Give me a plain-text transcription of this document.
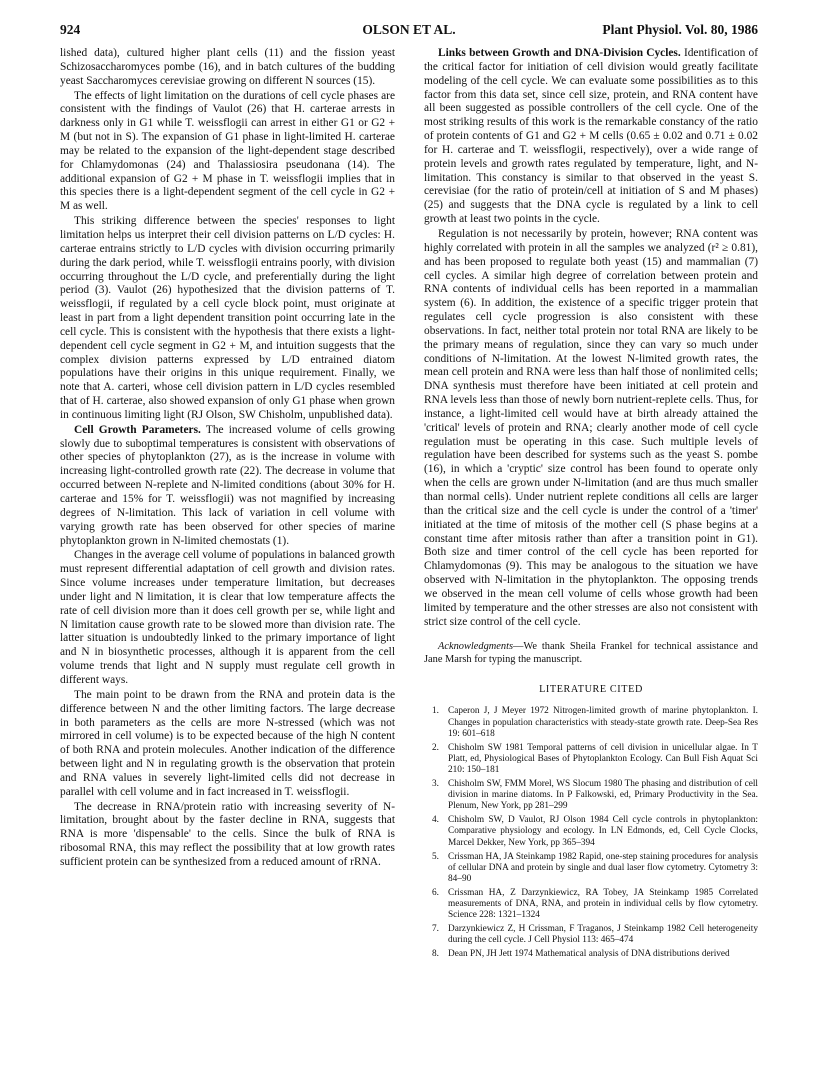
924	OLSON ET AL.	Plant Physiol. Vol. 80, 1986

lished data), cultured higher plant cells (11) and the fission yeast Schizosaccharomyces pombe (16), and in batch cultures of the budding yeast Saccharomyces cerevisiae growing on different N sources (15).

The effects of light limitation on the durations of cell cycle phases are consistent with the findings of Vaulot (26) that H. carterae arrests in darkness only in G1 while T. weissflogii can arrest in either G1 or G2 + M (but not in S). The expansion of G1 phase in light-limited H. carterae may be related to the expansion of the light-dependent stage described for Chlamydomonas (24) and Thalassiosira pseudonana (14). The additional expansion of G2 + M phase in T. weissflogii implies that in this species there is a light-dependent segment of the cell cycle in G2 + M as well.

This striking difference between the species' responses to light limitation helps us interpret their cell division patterns on L/D cycles: H. carterae entrains strictly to L/D cycles with division occurring primarily during the dark period, while T. weissflogii entrains poorly, with division occurring throughout the L/D cycle, and preferentially during the light period (3). Vaulot (26) hypothesized that the division patterns of T. weissflogii, if regulated by a cell cycle block point, must originate at least in part from a light dependent transition point occurring late in the cell cycle. This is consistent with the hypothesis that there exists a light-dependent cell cycle segment in G2 + M, and intuition suggests that the complex division patterns expressed by L/D entrained diatom populations have their origins in this unique requirement. Finally, we note that A. carteri, whose cell division pattern in L/D cycles resembled that of H. carterae, also showed expansion of only G1 phase when grown in continuous limiting light (RJ Olson, SW Chisholm, unpublished data).

Cell Growth Parameters. The increased volume of cells growing slowly due to suboptimal temperatures is consistent with observations of other species of phytoplankton (27), as is the increase in volume with increasing light-controlled growth rate (22). The decrease in volume that occurred between N-replete and N-limited conditions (about 30% for H. carterae and 15% for T. weissflogii) was not magnified by increasing degrees of N-limitation. This lack of variation in cell volume with varying growth rate has been observed for other species of marine phytoplankton grown in N-limited chemostats (1).

Changes in the average cell volume of populations in balanced growth must represent differential adaptation of cell growth and division rates. Since volume increases under temperature limitation, but decreases under light and N limitation, it is clear that low temperature affects the rate of cell division more than it does cell growth per se, while light and N limitation cause growth rate to be slowed more than division rate. The latter situation is undoubtedly linked to the primary importance of light and N in biosynthetic processes, although it is apparent from the cell volume trends that light and N supply must regulate cell growth in different ways.

The main point to be drawn from the RNA and protein data is the difference between N and the other limiting factors. The large decrease in both parameters as the cells are more N-stressed (which was not mirrored in cell volume) is to be expected because of the high N content of both RNA and protein molecules. Another indication of the difference between light and N in regulating growth is the observation that protein and RNA values in severely light-limited cells did not decrease in parallel with cell volume and in fact increased in T. weissflogii.

The decrease in RNA/protein ratio with increasing severity of N-limitation, brought about by the faster decline in RNA, suggests that RNA is more 'dispensable' to the cells. Since the bulk of RNA is ribosomal RNA, this may reflect the possibility that at low growth rates sufficient protein can be synthesized from a reduced amount of rRNA.

Links between Growth and DNA-Division Cycles. Identification of the critical factor for initiation of cell division would greatly facilitate modeling of the cell cycle. We can evaluate some possibilities as to this factor from this data set, since cell size, protein, and RNA content have all been suggested as possible controllers of the cell cycle. One of the most striking results of this work is the remarkable constancy of the ratio of protein contents of G1 and G2 + M cells (0.65 ± 0.02 and 0.71 ± 0.02 for H. carterae and T. weissflogii, respectively), over a wide range of protein levels and growth rates regulated by temperature, light, and N-limitation. This constancy is similar to that observed in the yeast S. cerevisiae (for the ratio of protein/cell at initiation of S and M phases) (25) and suggests that the DNA cycle is regulated by a link to cell growth at least two points in the cycle.

Regulation is not necessarily by protein, however; RNA content was highly correlated with protein in all the samples we analyzed (r² ≥ 0.81), and has been proposed to regulate both yeast (15) and mammalian (7) cell cycles. A similar high degree of correlation between protein and RNA contents of individual cells has been reported in a mammalian system (6). In addition, the existence of a specific trigger protein that regulates cell cycle progression is also consistent with these observations. In fact, neither total protein nor total RNA are likely to be the primary means of regulation, since they can vary so much under conditions of N-limitation. At the lowest N-limited growth rates, the mean cell protein and RNA were less than half those of nonlimited cells; DNA synthesis must therefore have been initiated at cell protein and RNA levels less than those of newly born nutrient-replete cells. Thus, for instance, a light-limited cell would have at birth already attained the 'critical' levels of protein and RNA; clearly another mode of cell cycle regulation must be operating in this case. Such multiple levels of regulation have been described for systems such as the yeast S. pombe (16), in which a 'cryptic' size control has been found to operate only when the cells are grown under N-limitation (and are thus much smaller than normal cells). Under nutrient replete conditions all cells are larger than the critical size and the cell cycle is under the control of a 'timer' initiated at the time of mitosis of the mother cell (S phase begins at a constant time after mitosis rather than after a transition point in G1). Both size and timer control of the cell cycle has been reported for Chlamydomonas (9). This may be analogous to the situation we have observed with N-limitation in the phytoplankton. The opposing trends we observed in the mean cell volume of cells whose growth had been limited by temperature and the other stresses are also not consistent with strict size control of the cell cycle.

Acknowledgments—We thank Sheila Frankel for technical assistance and Jane Marsh for typing the manuscript.

LITERATURE CITED
1. Caperon J, J Meyer 1972 Nitrogen-limited growth of marine phytoplankton. I. Changes in population characteristics with steady-state growth rate. Deep-Sea Res 19: 601–618
2. Chisholm SW 1981 Temporal patterns of cell division in unicellular algae. In T Platt, ed, Physiological Bases of Phytoplankton Ecology. Can Bull Fish Aquat Sci 210: 150–181
3. Chisholm SW, FMM Morel, WS Slocum 1980 The phasing and distribution of cell division in marine diatoms. In P Falkowski, ed, Primary Productivity in the Sea. Plenum, New York, pp 281–299
4. Chisholm SW, D Vaulot, RJ Olson 1984 Cell cycle controls in phytoplankton: Comparative physiology and ecology. In LN Edmonds, ed, Cell Cycle Clocks, Marcel Dekker, New York, pp 365–394
5. Crissman HA, JA Steinkamp 1982 Rapid, one-step staining procedures for analysis of cellular DNA and protein by single and dual laser flow cytometry. Cytometry 3: 84–90
6. Crissman HA, Z Darzynkiewicz, RA Tobey, JA Steinkamp 1985 Correlated measurements of DNA, RNA, and protein in individual cells by flow cytometry. Science 228: 1321–1324
7. Darzynkiewicz Z, H Crissman, F Traganos, J Steinkamp 1982 Cell heterogeneity during the cell cycle. J Cell Physiol 113: 465–474
8. Dean PN, JH Jett 1974 Mathematical analysis of DNA distributions derived
